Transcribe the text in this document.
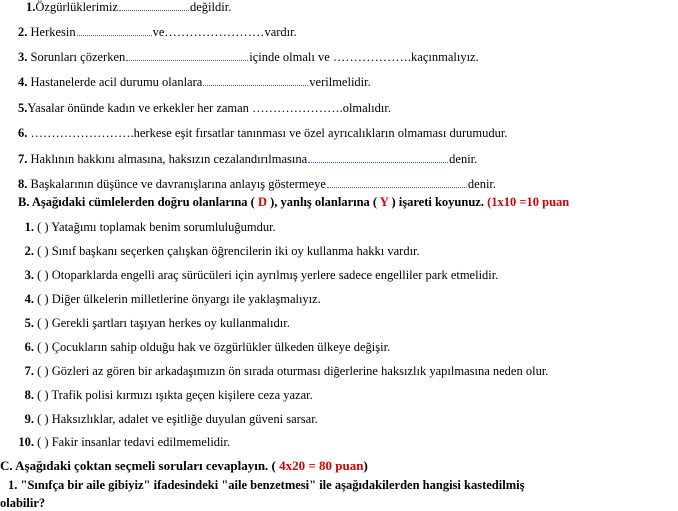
1.Özgürlüklerimiz	değildir.
2. Herkesin	ve……………………vardır.
3. Sorunları çözerken	içinde olmalı ve ……………….kaçınmalıyız.
4. Hastanelerde acil durumu olanlara	verilmelidir.
5.Yasalar önünde kadın ve erkekler her zaman ………………….olmalıdır.
6. …………………….herkese eşit fırsatlar tanınması ve özel ayrıcalıkların olmaması durumudur.
7. Haklının hakkını almasına, haksızın cezalandırılmasına	denir.
8. Başkalarının düşünce ve davranışlarına anlayış göstermeye	denir.
B. Aşağıdaki cümlelerden doğru olanlarına ( D ), yanlış olanlarına ( Y ) işareti koyunuz. (1x10 =10 puan
1. ( ) Yatağımı toplamak benim sorumluluğumdur.
2. ( ) Sınıf başkanı seçerken çalışkan öğrencilerin iki oy kullanma hakkı vardır.
3. ( ) Otoparklarda engelli araç sürücüleri için ayrılmış yerlere sadece engelliler park etmelidir.
4. ( ) Diğer ülkelerin milletlerine önyargı ile yaklaşmalıyız.
5. ( ) Gerekli şartları taşıyan herkes oy kullanmalıdır.
6. ( ) Çocukların sahip olduğu hak ve özgürlükler ülkeden ülkeye değişir.
7. ( ) Gözleri az gören bir arkadaşımızın ön sırada oturması diğerlerine haksızlık yapılmasına neden olur.
8. ( ) Trafik polisi kırmızı ışıkta geçen kişilere ceza yazar.
9. ( ) Haksızlıklar, adalet ve eşitliğe duyulan güveni sarsar.
10. ( ) Fakir insanlar tedavi edilmemelidir.
C. Aşağıdaki çoktan seçmeli soruları cevaplayın. ( 4x20 = 80 puan)
1. "Sınıfça bir aile gibiyiz" ifadesindeki "aile benzetmesi" ile aşağıdakilerden hangisi kastedilmiş
olabilir?
